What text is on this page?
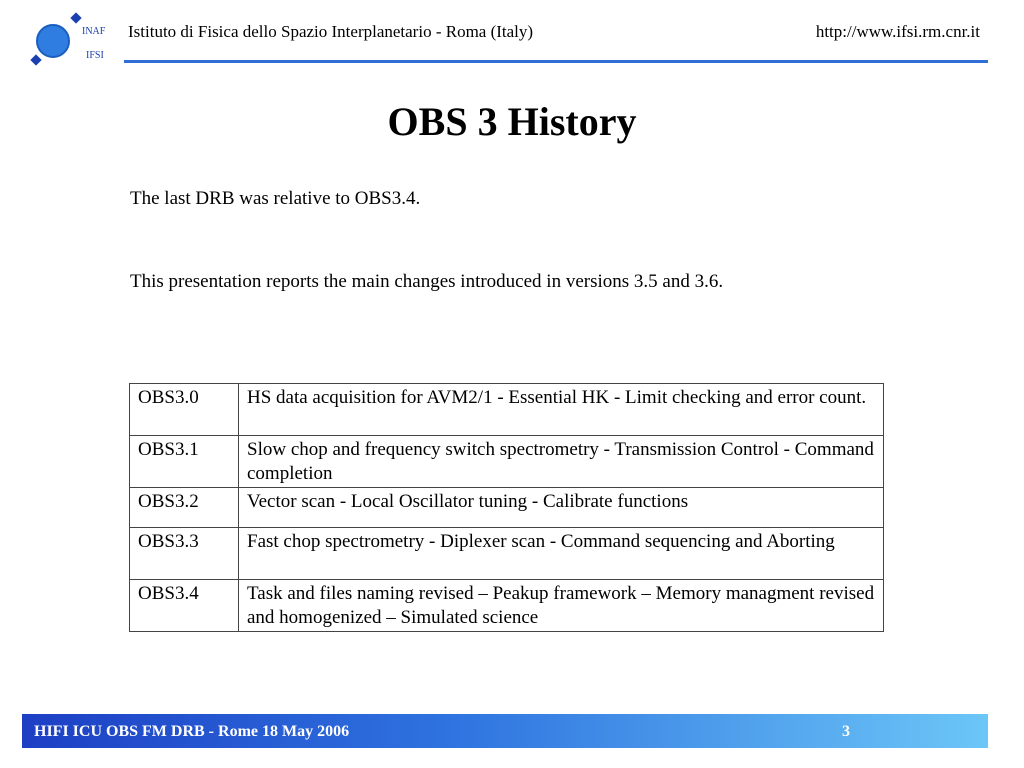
INAF
IFSI
Istituto di Fisica dello Spazio Interplanetario - Roma (Italy)	http://www.ifsi.rm.cnr.it
OBS 3 History
The last DRB was relative to OBS3.4.
This presentation reports the main changes introduced in versions 3.5 and 3.6.
OBS3.0	HS data acquisition for AVM2/1 - Essential HK - Limit checking and error count.
OBS3.1	Slow chop and frequency switch spectrometry - Transmission Control - Command completion
OBS3.2	Vector scan - Local Oscillator tuning - Calibrate functions
OBS3.3	Fast chop spectrometry - Diplexer scan - Command sequencing and Aborting
OBS3.4	Task and files naming revised – Peakup framework – Memory managment revised and homogenized – Simulated science
HIFI ICU OBS FM DRB - Rome 18 May 2006	3
